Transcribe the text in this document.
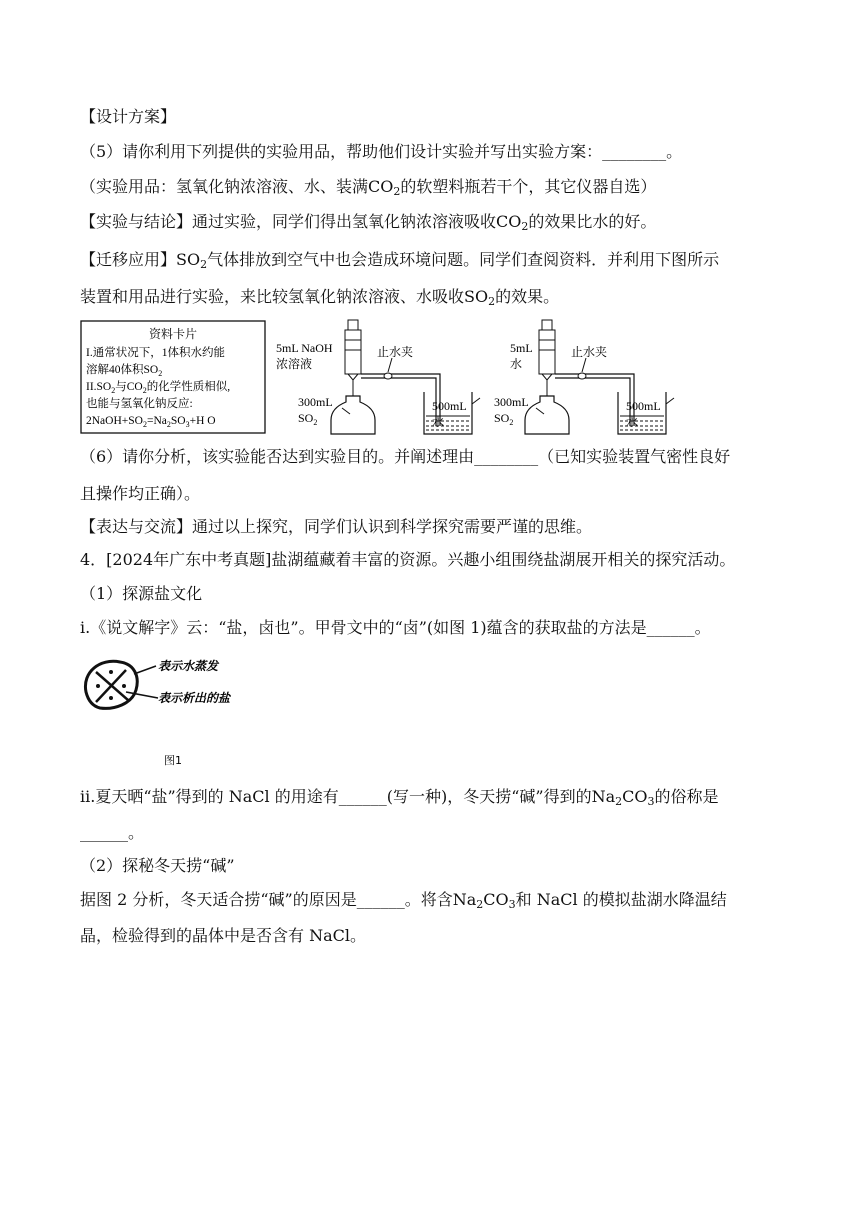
【设计方案】
（5）请你利用下列提供的实验用品，帮助他们设计实验并写出实验方案：________。
（实验用品：氢氧化钠浓溶液、水、装满$CO_2$的软塑料瓶若干个，其它仪器自选）
【实验与结论】通过实验，同学们得出氢氧化钠浓溶液吸收$CO_2$的效果比水的好。
【迁移应用】$SO_2$气体排放到空气中也会造成环境问题。同学们查阅资料．并利用下图所示
装置和用品进行实验，来比较氢氧化钠浓溶液、水吸收$SO_2$的效果。
资料卡片
I.通常状况下，1体积水约能
溶解40体积$SO_2$
$II.SO_2$与$CO_2$的化学性质相似,
也能与氢氧化钠反应:
$2NaOH+SO_2=Na_2SO_3+H$ O
5mL NaOH
浓溶液
止水夹
300mL
$SO_2$
500mL
水
5mL
水
止水夹
300mL
$SO_2$
500mL
水
（6）请你分析，该实验能否达到实验目的。并阐述理由________（已知实验装置气密性良好
且操作均正确）。
【表达与交流】通过以上探究，同学们认识到科学探究需要严谨的思维。
4．[2024年广东中考真题]盐湖蕴藏着丰富的资源。兴趣小组围绕盐湖展开相关的探究活动。
（1）探源盐文化
ⅰ.《说文解字》云：“盐，卤也”。甲骨文中的“卤”(如图 1)蕴含的获取盐的方法是______。
表示水蒸发
表示析出的盐
图1
ⅱ.夏天晒“盐”得到的 NaCl 的用途有______(写一种)，冬天捞“碱”得到的$Na_2CO_3$的俗称是
______。
（2）探秘冬天捞“碱”
据图 2 分析，冬天适合捞“碱”的原因是______。将含$Na_2CO_3$和 NaCl 的模拟盐湖水降温结
晶，检验得到的晶体中是否含有 NaCl。
